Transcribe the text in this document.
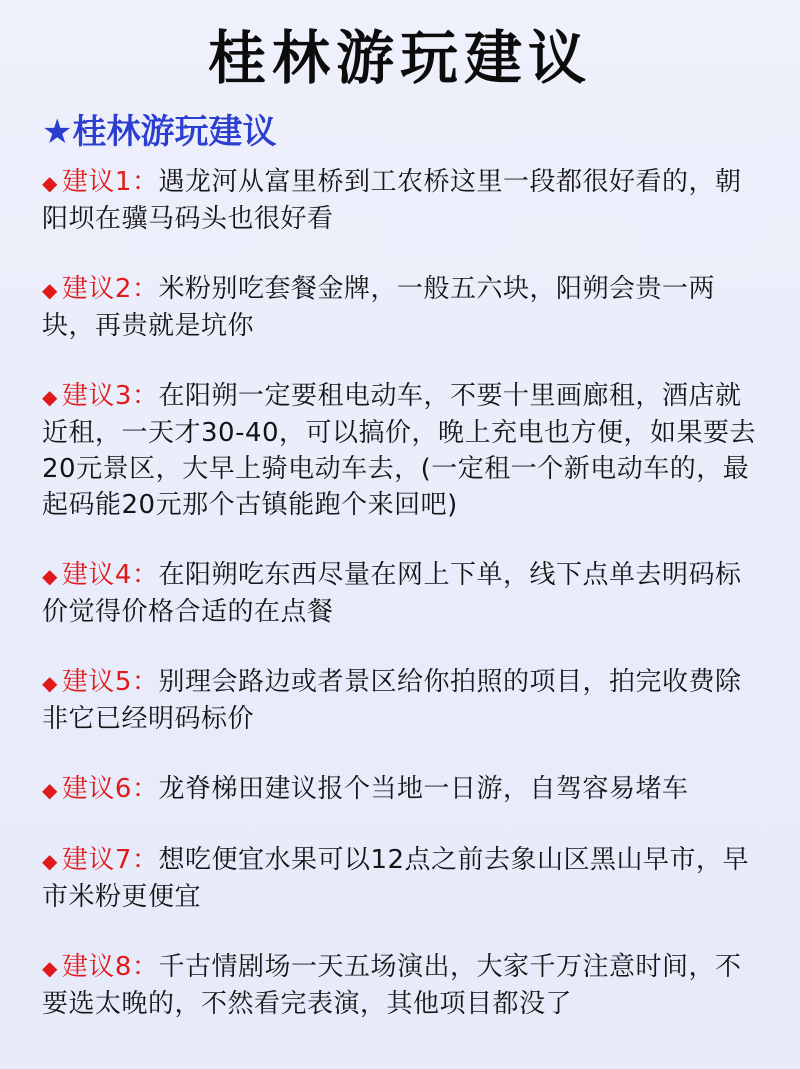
桂林游玩建议
★桂林游玩建议

◆ 建议1：遇龙河从富里桥到工农桥这里一段都很好看的，朝阳坝在骥马码头也很好看

◆ 建议2：米粉别吃套餐金牌，一般五六块，阳朔会贵一两块，再贵就是坑你

◆ 建议3：在阳朔一定要租电动车，不要十里画廊租，酒店就近租，一天才30-40，可以搞价，晚上充电也方便，如果要去20元景区，大早上骑电动车去，(一定租一个新电动车的，最起码能20元那个古镇能跑个来回吧)

◆ 建议4：在阳朔吃东西尽量在网上下单，线下点单去明码标价觉得价格合适的在点餐

◆ 建议5：别理会路边或者景区给你拍照的项目，拍完收费除非它已经明码标价

◆ 建议6：龙脊梯田建议报个当地一日游，自驾容易堵车

◆ 建议7：想吃便宜水果可以12点之前去象山区黑山早市，早市米粉更便宜

◆ 建议8：千古情剧场一天五场演出，大家千万注意时间，不要选太晚的，不然看完表演，其他项目都没了
